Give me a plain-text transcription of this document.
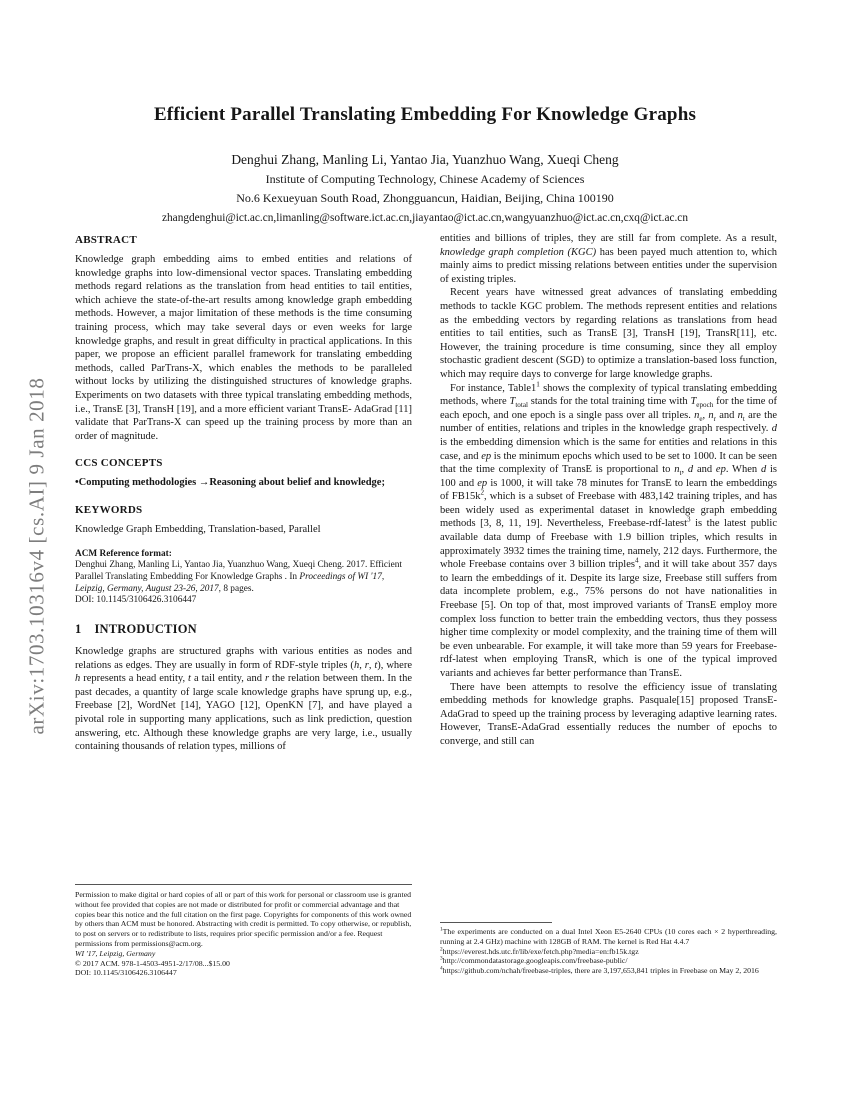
arXiv:1703.10316v4 [cs.AI] 9 Jan 2018
Efficient Parallel Translating Embedding For Knowledge Graphs
Denghui Zhang, Manling Li, Yantao Jia, Yuanzhuo Wang, Xueqi Cheng
Institute of Computing Technology, Chinese Academy of Sciences
No.6 Kexueyuan South Road, Zhongguancun, Haidian, Beijing, China 100190
zhangdenghui@ict.ac.cn,limanling@software.ict.ac.cn,jiayantao@ict.ac.cn,wangyuanzhuo@ict.ac.cn,cxq@ict.ac.cn
ABSTRACT

Knowledge graph embedding aims to embed entities and relations of knowledge graphs into low-dimensional vector spaces. Translating embedding methods regard relations as the translation from head entities to tail entities, which achieve the state-of-the-art results among knowledge graph embedding methods. However, a major limitation of these methods is the time consuming training process, which may take several days or even weeks for large knowledge graphs, and result in great difficulty in practical applications. In this paper, we propose an efficient parallel framework for translating embedding methods, called ParTrans-X, which enables the methods to be paralleled without locks by utilizing the distinguished structures of knowledge graphs. Experiments on two datasets with three typical translating embedding methods, i.e., TransE [3], TransH [19], and a more efficient variant TransE- AdaGrad [11] validate that ParTrans-X can speed up the training process by more than an order of magnitude.

CCS CONCEPTS

•Computing methodologies →Reasoning about belief and knowledge;

KEYWORDS

Knowledge Graph Embedding, Translation-based, Parallel

ACM Reference format:

Denghui Zhang, Manling Li, Yantao Jia, Yuanzhuo Wang, Xueqi Cheng. 2017. Efficient Parallel Translating Embedding For Knowledge Graphs . In Proceedings of WI '17, Leipzig, Germany, August 23-26, 2017, 8 pages.

DOI: 10.1145/3106426.3106447
1 INTRODUCTION

Knowledge graphs are structured graphs with various entities as nodes and relations as edges. They are usually in form of RDF-style triples (h, r, t), where h represents a head entity, t a tail entity, and r the relation between them. In the past decades, a quantity of large scale knowledge graphs have sprung up, e.g., Freebase [2], WordNet [14], YAGO [12], OpenKN [7], and have played a pivotal role in supporting many applications, such as link prediction, question answering, etc. Although these knowledge graphs are very large, i.e., usually containing thousands of relation types, millions of

entities and billions of triples, they are still far from complete. As a result, knowledge graph completion (KGC) has been payed much attention to, which mainly aims to predict missing relations between entities under the supervision of existing triples.

Recent years have witnessed great advances of translating embedding methods to tackle KGC problem. The methods represent entities and relations as the embedding vectors by regarding relations as translations from head entities to tail entities, such as TransE [3], TransH [19], TransR[11], etc. However, the training procedure is time consuming, since they all employ stochastic gradient descent (SGD) to optimize a translation-based loss function, which may require days to converge for large knowledge graphs.

For instance, $Table1^1$ shows the complexity of typical translating embedding methods, where $T_{total}$ stands for the total training time with $T_{epoch}$ for the time of each epoch, and one epoch is a single pass over all triples. $n_e$, $n_r$ and $n_t$ are the number of entities, relations and triples in the knowledge graph respectively. d is the embedding dimension which is the same for entities and relations in this case, and ep is the minimum epochs which used to be set to 1000. It can be seen that the time complexity of TransE is proportional to $n_t$, d and ep. When d is 100 and ep is 1000, it will take 78 minutes for TransE to learn the embeddings of $FB15k^2$, which is a subset of Freebase with 483,142 training triples, and has been widely used as experimental dataset in knowledge graph embedding methods [3, 8, 11, 19]. Nevertheless, Freebase-rdf-latest$^3$ is the latest public available data dump of Freebase with 1.9 billion triples, which results in approximately 3932 times the training time, namely, 212 days. Furthermore, the whole Freebase contains over 3 billion triples$^4$, and it will take about 357 days to learn the embeddings of it. Despite its large size, Freebase still suffers from data incomplete problem, e.g., 75% persons do not have nationalities in Freebase [5]. On top of that, most improved variants of TransE employ more complex loss function to better train the embedding vectors, thus they possess higher time complexity or model complexity, and the training time of them will be even unbearable. For example, it will take more than 59 years for Freebase-rdf-latest when employing TransR, which is one of the typical improved variants and achieves far better performance than TransE.

There have been attempts to resolve the efficiency issue of translating embedding methods for knowledge graphs. Pasquale[15] proposed TransE-AdaGrad to speed up the training process by leveraging adaptive learning rates. However, TransE-AdaGrad essentially reduces the number of epochs to converge, and still can

Permission to make digital or hard copies of all or part of this work for personal or classroom use is granted without fee provided that copies are not made or distributed for profit or commercial advantage and that copies bear this notice and the full citation on the first page. Copyrights for components of this work owned by others than ACM must be honored. Abstracting with credit is permitted. To copy otherwise, or republish, to post on servers or to redistribute to lists, requires prior specific permission and/or a fee. Request permissions from permissions@acm.org.

WI '17, Leipzig, Germany
© 2017 ACM. 978-1-4503-4951-2/17/08...$15.00
DOI: 10.1145/3106426.3106447
$^1$The experiments are conducted on a dual Intel Xeon E5-2640 CPUs (10 cores each × 2 hyperthreading, running at 2.4 GHz) machine with 128GB of RAM. The kernel is Red Hat 4.4.7
$^2$https://everest.hds.utc.fr/lib/exe/fetch.php?media=en:fb15k.tgz
$^3$http://commondatastorage.googleapis.com/freebase-public/
$^4$https://github.com/nchah/freebase-triples, there are 3,197,653,841 triples in Freebase on May 2, 2016
